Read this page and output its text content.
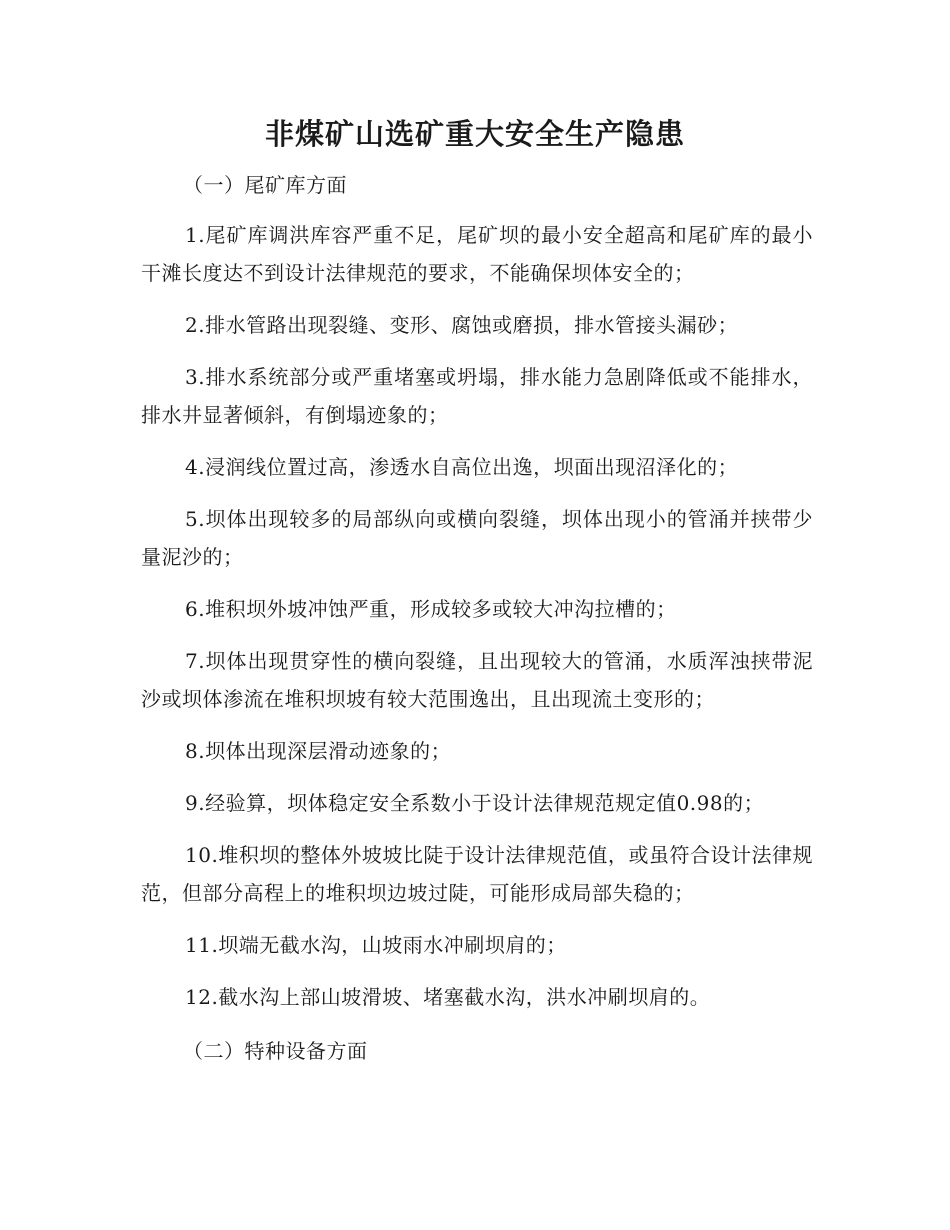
非煤矿山选矿重大安全生产隐患

（一）尾矿库方面

1.尾矿库调洪库容严重不足，尾矿坝的最小安全超高和尾矿库的最小干滩长度达不到设计法律规范的要求，不能确保坝体安全的；

2.排水管路出现裂缝、变形、腐蚀或磨损，排水管接头漏砂；

3.排水系统部分或严重堵塞或坍塌，排水能力急剧降低或不能排水，排水井显著倾斜，有倒塌迹象的；

4.浸润线位置过高，渗透水自高位出逸，坝面出现沼泽化的；

5.坝体出现较多的局部纵向或横向裂缝，坝体出现小的管涌并挟带少量泥沙的；

6.堆积坝外坡冲蚀严重，形成较多或较大冲沟拉槽的；

7.坝体出现贯穿性的横向裂缝，且出现较大的管涌，水质浑浊挟带泥沙或坝体渗流在堆积坝坡有较大范围逸出，且出现流土变形的；

8.坝体出现深层滑动迹象的；

9.经验算，坝体稳定安全系数小于设计法律规范规定值0.98的；

10.堆积坝的整体外坡坡比陡于设计法律规范值，或虽符合设计法律规范，但部分高程上的堆积坝边坡过陡，可能形成局部失稳的；

11.坝端无截水沟，山坡雨水冲刷坝肩的；

12.截水沟上部山坡滑坡、堵塞截水沟，洪水冲刷坝肩的。

（二）特种设备方面
